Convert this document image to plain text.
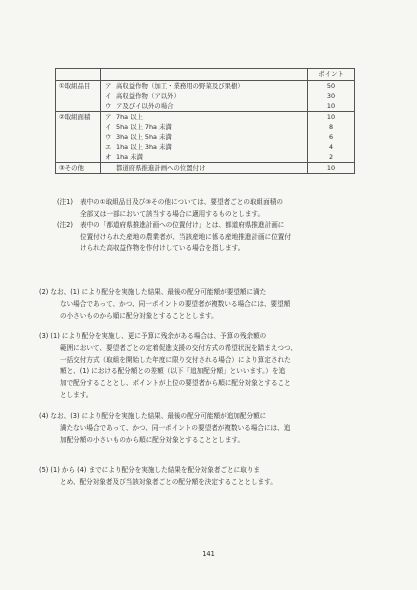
		ポイント
①取組品目	ア 高収益作物（加工・業務用の野菜及び果樹）	50
	イ 高収益作物（ア以外）	30
	ウ ア及びイ以外の場合	10
②取組面積	ア 7ha 以上	10
	イ 5ha 以上 7ha 未満	8
	ウ 3ha 以上 5ha 未満	6
	エ 1ha 以上 3ha 未満	4
	オ 1ha 未満	2
③その他	都道府県推進計画への位置付け	10
(注1)	表中の①取組品目及び③その他については、要望者ごとの取組面積の
全部又は一部において該当する場合に適用するものとします。
(注2)	表中の「都道府県推進計画への位置付け」とは、都道府県推進計画に
位置付けられた産地の農業者が、当該産地に係る産地推進計画に位置付
けられた高収益作物を作付けしている場合を指します。
(2) なお、(1) により配分を実施した結果、最後の配分可能額が要望額に満た
ない場合であって、かつ、同一ポイントの要望者が複数いる場合には、要望額
の小さいものから順に配分対象とすることとします。
(3) (1) により配分を実施し、更に予算に残余がある場合は、予算の残余額の
範囲において、要望者ごとの定着促進支援の交付方式の希望状況を踏まえつつ、
一括交付方式（取組を開始した年度に限り交付される場合）により算定された
額と、(1) における配分額との差額（以下「追加配分額」といいます。）を追
加で配分することとし、ポイントが上位の要望者から順に配分対象とすること
とします。
(4) なお、(3) により配分を実施した結果、最後の配分可能額が追加配分額に
満たない場合であって、かつ、同一ポイントの要望者が複数いる場合には、追
加配分額の小さいものから順に配分対象とすることとします。
(5) (1) から (4) までにより配分を実施した結果を配分対象者ごとに取りま
とめ、配分対象者及び当該対象者ごとの配分額を決定することとします。
141
